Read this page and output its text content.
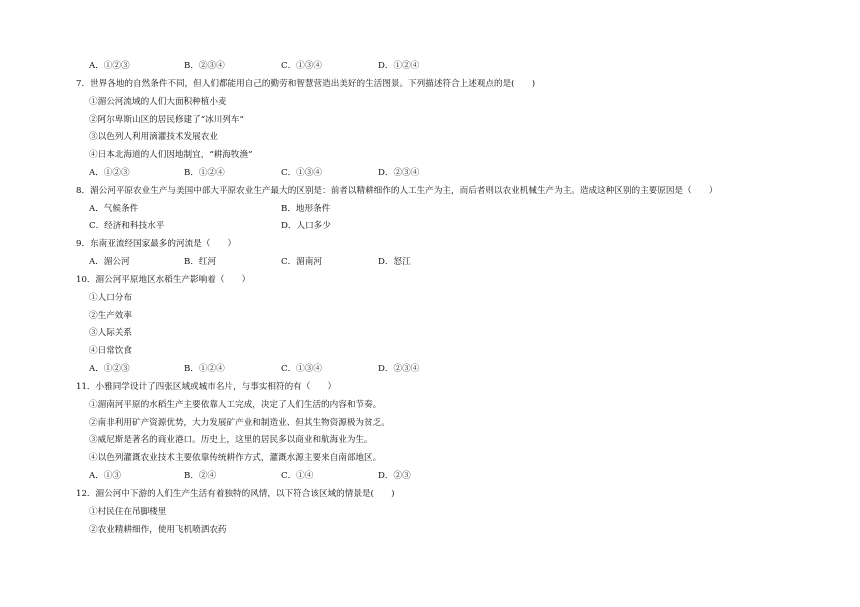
A．①②③	B．②③④	C．①③④	D．①②④
7．世界各地的自然条件不同，但人们都能用自己的勤劳和智慧营造出美好的生活图景。下列描述符合上述观点的是(　　)
①湄公河流域的人们大面积种植小麦
②阿尔卑斯山区的居民修建了“冰川列车”
③以色列人利用滴灌技术发展农业
④日本北海道的人们因地制宜，“耕海牧渔”
A．①②③	B．①②④	C．①③④	D．②③④
8．湄公河平原农业生产与美国中部大平原农业生产最大的区别是：前者以精耕细作的人工生产为主，而后者则以农业机械生产为主。造成这种区别的主要原因是（　　）
A．气候条件	B．地形条件
C．经济和科技水平	D．人口多少
9．东南亚流经国家最多的河流是（　　）
A．湄公河	B．红河	C．湄南河	D．怒江
10．湄公河平原地区水稻生产影响着（　　）
①人口分布
②生产效率
③人际关系
④日常饮食
A．①②③	B．①②④	C．①③④	D．②③④
11．小雅同学设计了四张区域或城市名片，与事实相符的有（　　）
①湄南河平原的水稻生产主要依靠人工完成，决定了人们生活的内容和节奏。
②南非利用矿产资源优势，大力发展矿产业和制造业、但其生物资源极为贫乏。
③威尼斯是著名的商业港口。历史上，这里的居民多以商业和航海业为生。
④以色列灌溉农业技术主要依靠传统耕作方式，灌溉水源主要来自南部地区。
A．①③	B．②④	C．①④	D．②③
12．湄公河中下游的人们生产生活有着独特的风情，以下符合该区域的情景是(　　)
①村民住在吊脚楼里
②农业精耕细作，使用飞机喷洒农药
